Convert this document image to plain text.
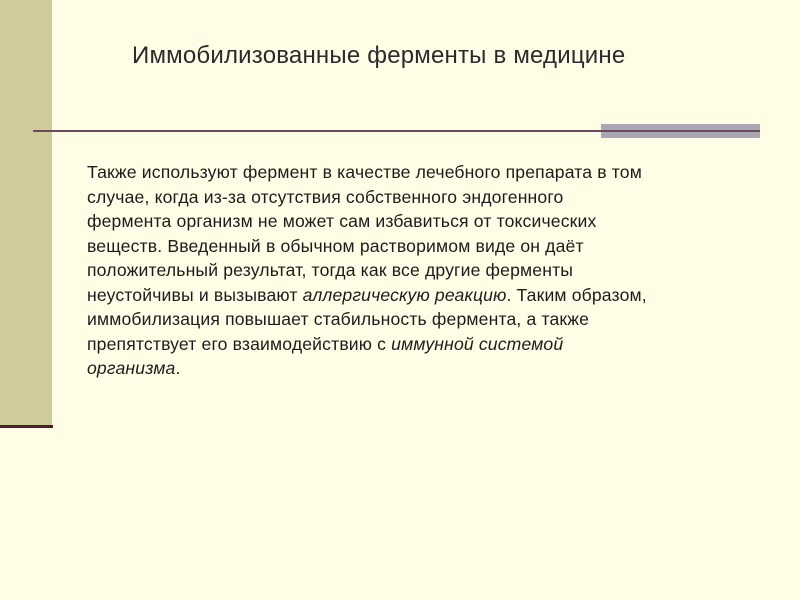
Иммобилизованные ферменты в медицине
Также используют фермент в качестве лечебного препарата в том
случае, когда из-за отсутствия собственного эндогенного
фермента организм не может сам избавиться от токсических
веществ. Введенный в обычном растворимом виде он даёт
положительный результат, тогда как все другие ферменты
неустойчивы и вызывают аллергическую реакцию. Таким образом,
иммобилизация повышает стабильность фермента, а также
препятствует его взаимодействию с иммунной системой
организма.
